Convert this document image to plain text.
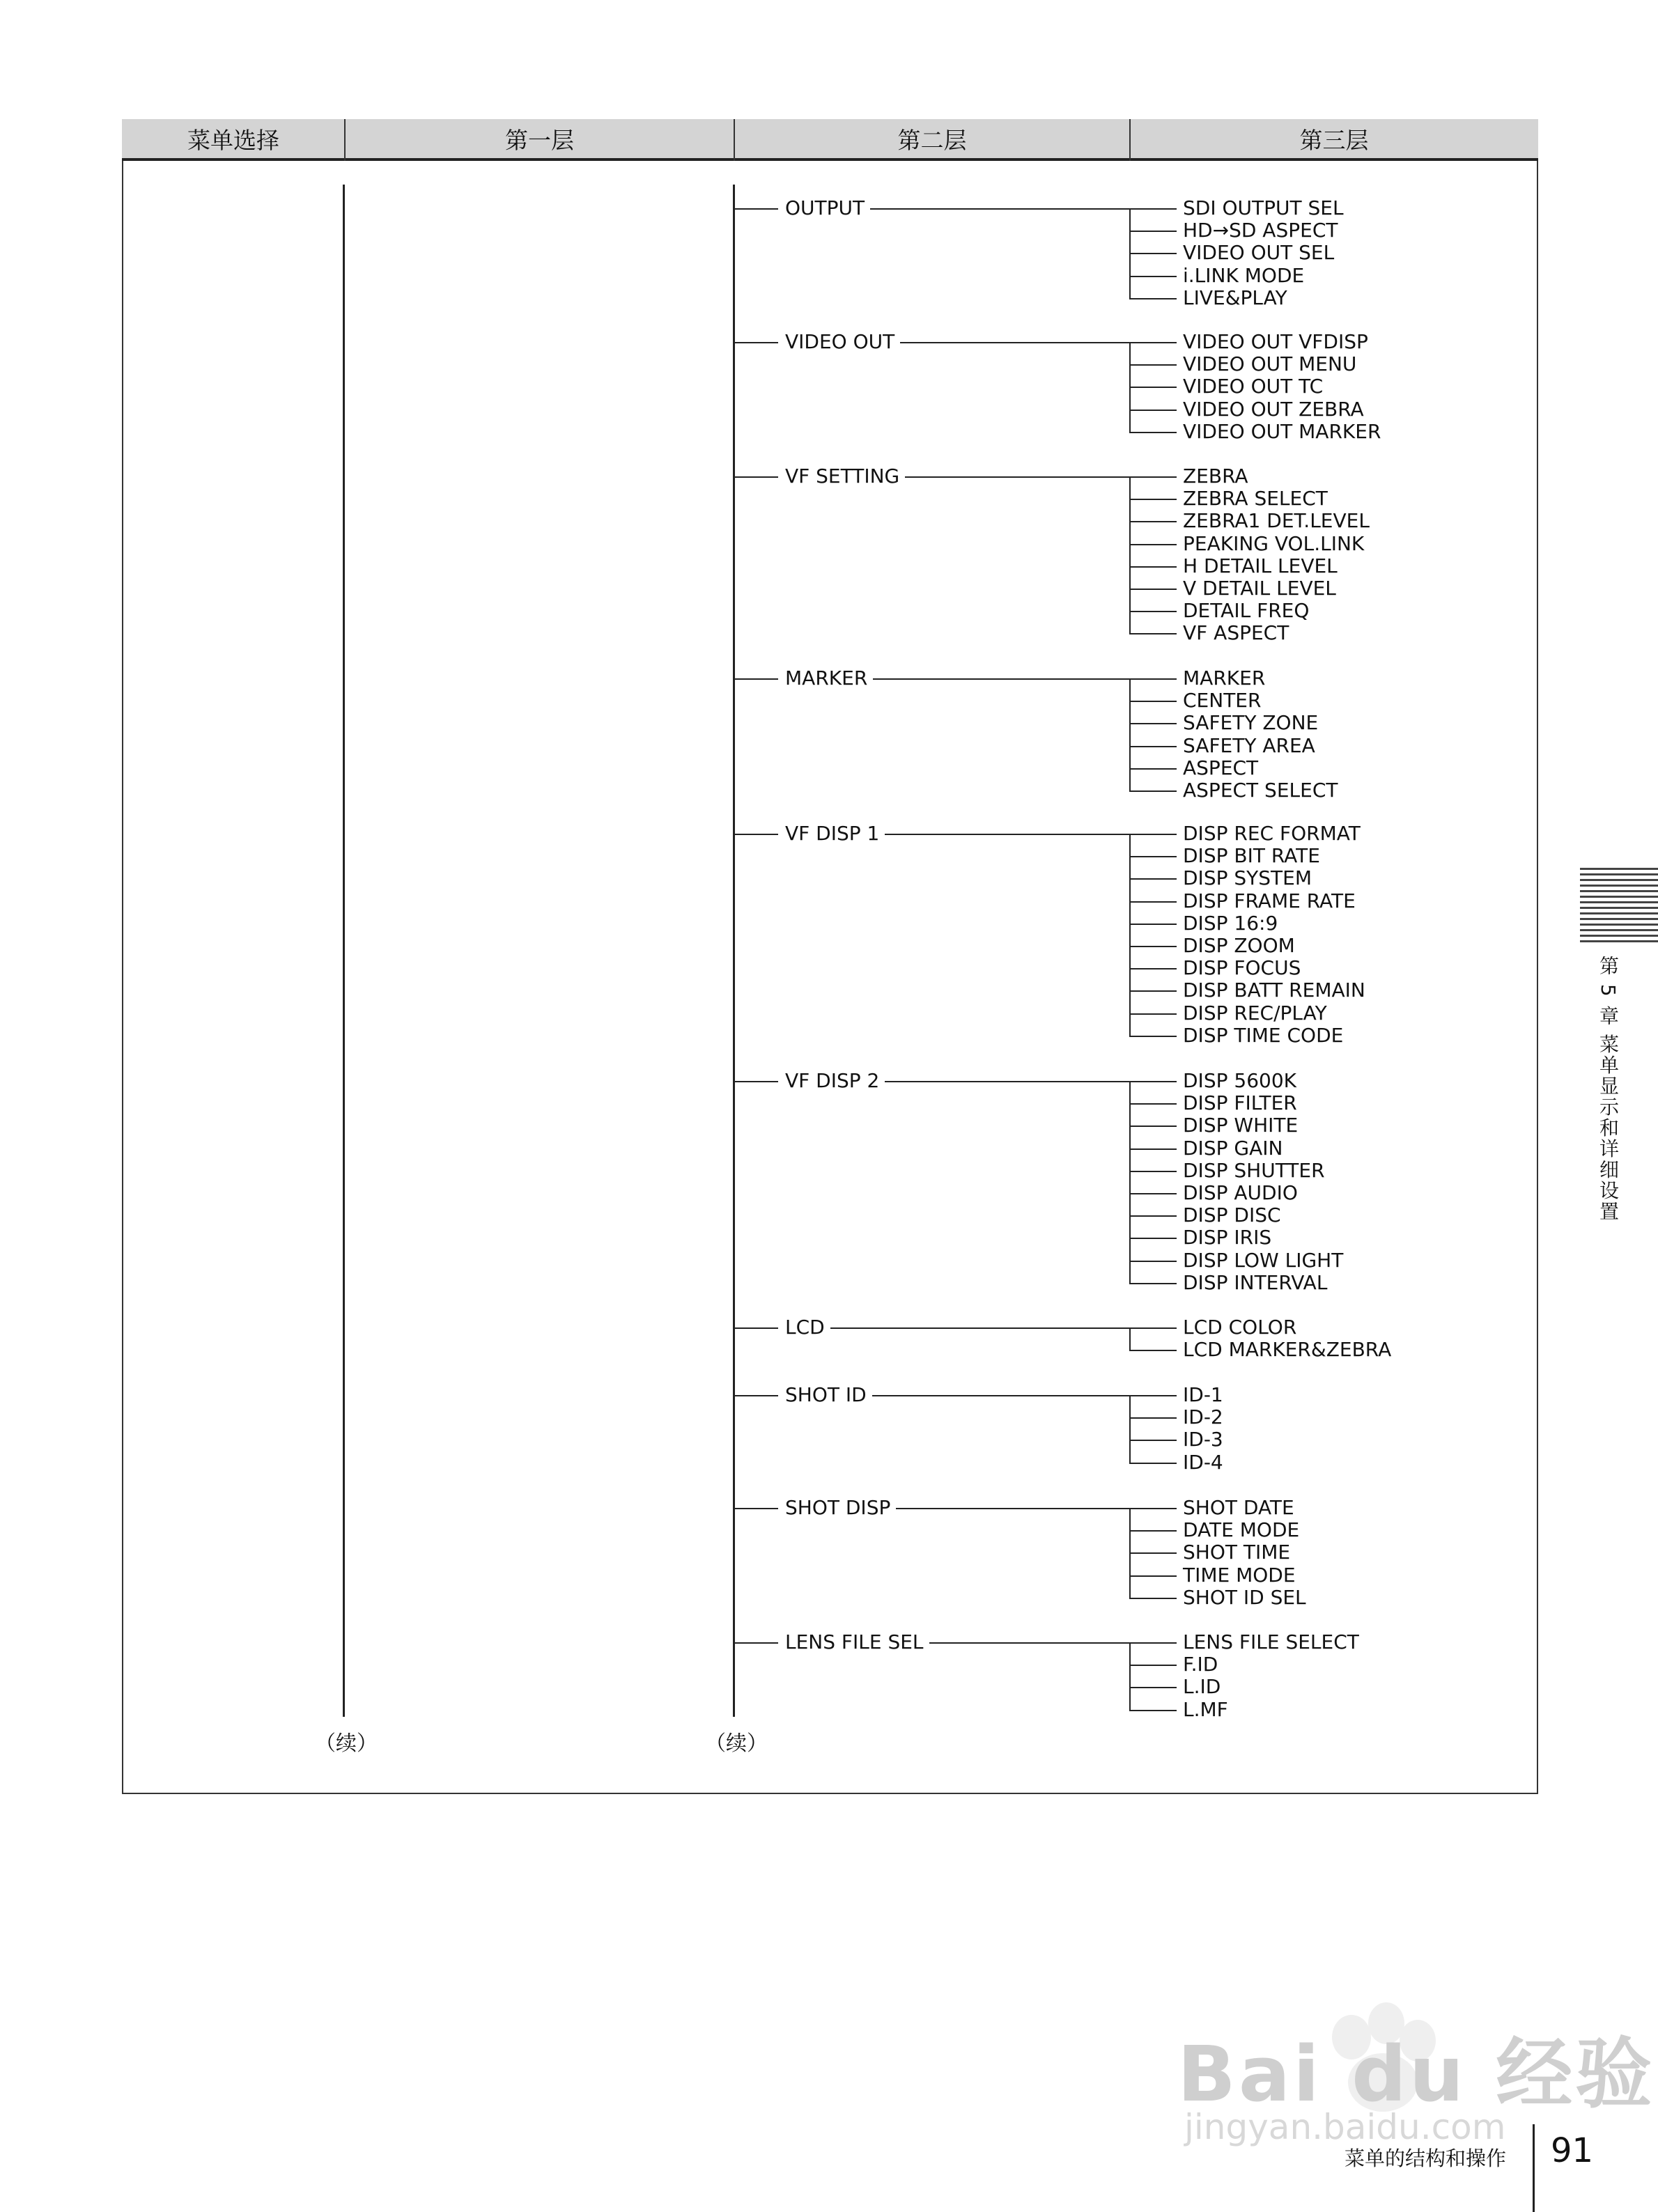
菜单选择	第一层	第二层	第三层
OUTPUT	SDI OUTPUT SEL
HD→SD ASPECT
VIDEO OUT SEL
i.LINK MODE
LIVE&PLAY
VIDEO OUT	VIDEO OUT VFDISP
VIDEO OUT MENU
VIDEO OUT TC
VIDEO OUT ZEBRA
VIDEO OUT MARKER
VF SETTING	ZEBRA
ZEBRA SELECT
ZEBRA1 DET.LEVEL
PEAKING VOL.LINK
H DETAIL LEVEL
V DETAIL LEVEL
DETAIL FREQ
VF ASPECT
MARKER	MARKER
CENTER
SAFETY ZONE
SAFETY AREA
ASPECT
ASPECT SELECT
VF DISP 1	DISP REC FORMAT
DISP BIT RATE
DISP SYSTEM
DISP FRAME RATE
DISP 16:9
DISP ZOOM
DISP FOCUS
DISP BATT REMAIN
DISP REC/PLAY
DISP TIME CODE
VF DISP 2	DISP 5600K
DISP FILTER
DISP WHITE
DISP GAIN
DISP SHUTTER
DISP AUDIO
DISP DISC
DISP IRIS
DISP LOW LIGHT
DISP INTERVAL
LCD	LCD COLOR
LCD MARKER&ZEBRA
SHOT ID	ID-1
ID-2
ID-3
ID-4
SHOT DISP	SHOT DATE
DATE MODE
SHOT TIME
TIME MODE
SHOT ID SEL
LENS FILE SEL	LENS FILE SELECT
F.ID
L.ID
L.MF
（续）	（续）
第 5 章 菜单显示和详细设置
Bai du 经验
jingyan.baidu.com
菜单的结构和操作 91
